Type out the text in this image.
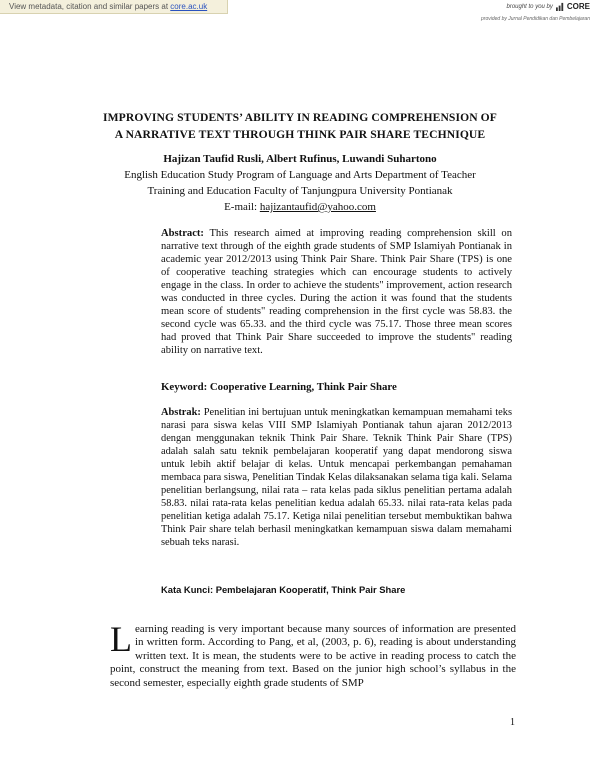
View metadata, citation and similar papers at core.ac.uk	brought to you by CORE
provided by Jurnal Pendidikan dan Pembelajaran
IMPROVING STUDENTS’ ABILITY IN READING COMPREHENSION OF
A NARRATIVE TEXT THROUGH THINK PAIR SHARE TECHNIQUE
Hajizan Taufid Rusli, Albert Rufinus, Luwandi Suhartono
English Education Study Program of Language and Arts Department of Teacher
Training and Education Faculty of Tanjungpura University Pontianak
E-mail: hajizantaufid@yahoo.com
Abstract: This research aimed at improving reading comprehension skill on narrative text through of the eighth grade students of SMP Islamiyah Pontianak in academic year 2012/2013 using Think Pair Share. Think Pair Share (TPS) is one of cooperative teaching strategies which can encourage students to actively engage in the class. In order to achieve the students" improvement, action research was conducted in three cycles. During the action it was found that the students mean score of students" reading comprehension in the first cycle was 58.83. the second cycle was 65.33. and the third cycle was 75.17. Those three mean scores had proved that Think Pair Share succeeded to improve the students" reading ability on narrative text.
Keyword: Cooperative Learning, Think Pair Share
Abstrak: Penelitian ini bertujuan untuk meningkatkan kemampuan memahami teks narasi para siswa kelas VIII SMP Islamiyah Pontianak tahun ajaran 2012/2013 dengan menggunakan teknik Think Pair Share. Teknik Think Pair Share (TPS) adalah salah satu teknik pembelajaran kooperatif yang dapat mendorong siswa untuk lebih aktif belajar di kelas. Untuk mencapai perkembangan pemahaman membaca para siswa, Penelitian Tindak Kelas dilaksanakan selama tiga kali. Selama penelitian berlangsung, nilai rata – rata kelas pada siklus penelitian pertama adalah 58.83. nilai rata-rata kelas penelitian kedua adalah 65.33. nilai rata-rata kelas pada penelitian ketiga adalah 75.17. Ketiga nilai penelitian tersebut membuktikan bahwa Think Pair share telah berhasil meningkatkan kemampuan siswa dalam memahami sebuah teks narasi.
Kata Kunci: Pembelajaran Kooperatif, Think Pair Share
Learning reading is very important because many sources of information are presented in written form. According to Pang, et al, (2003, p. 6), reading is about understanding written text. It is mean, the students were to be active in reading process to catch the point, construct the meaning from text. Based on the junior high school’s syllabus in the second semester, especially eighth grade students of SMP
1
